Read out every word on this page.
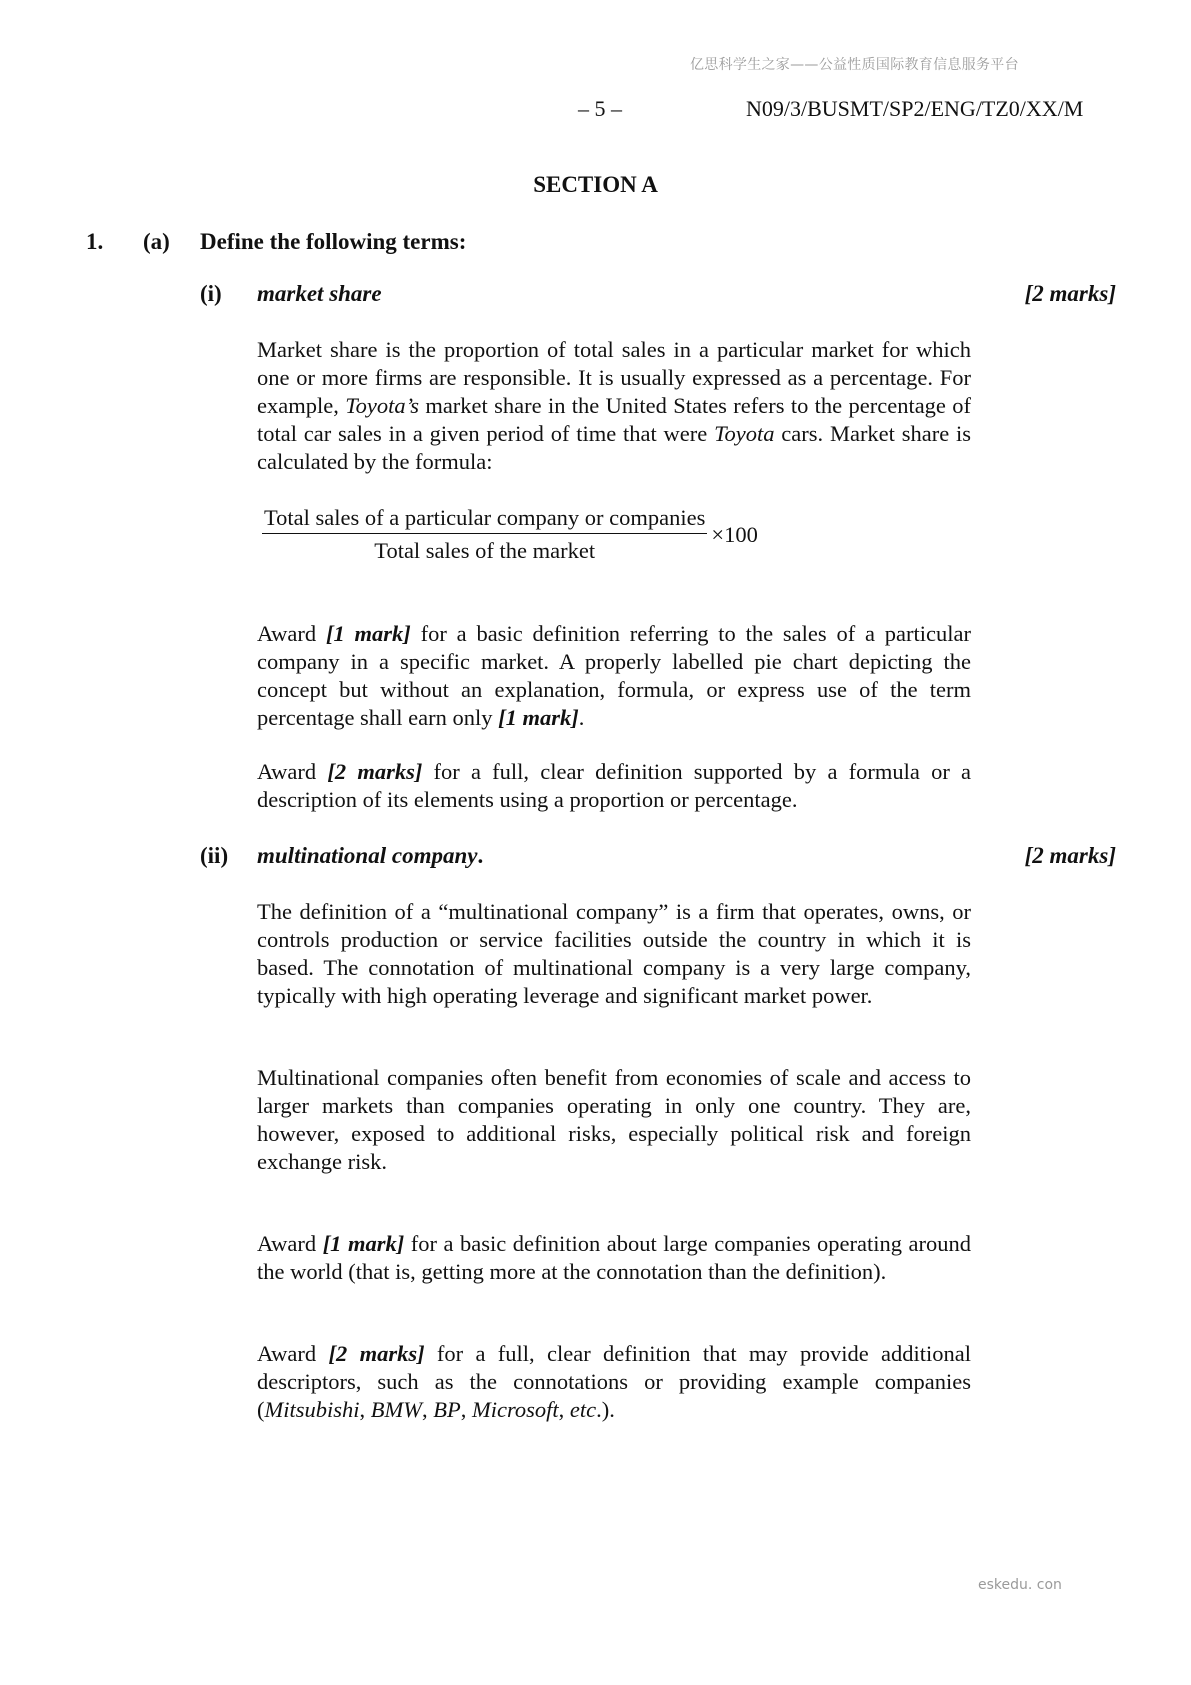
亿思科学生之家——公益性质国际教育信息服务平台
– 5 –	N09/3/BUSMT/SP2/ENG/TZ0/XX/M
SECTION A
1. (a) Define the following terms:
(i) market share	[2 marks]
Market share is the proportion of total sales in a particular market for which one or more firms are responsible. It is usually expressed as a percentage. For example, Toyota’s market share in the United States refers to the percentage of total car sales in a given period of time that were Toyota cars. Market share is calculated by the formula:
$\frac{\text{Total sales of a particular company or companies}}{\text{Total sales of the market}} \times 100$
Award [1 mark] for a basic definition referring to the sales of a particular company in a specific market. A properly labelled pie chart depicting the concept but without an explanation, formula, or express use of the term percentage shall earn only [1 mark].
Award [2 marks] for a full, clear definition supported by a formula or a description of its elements using a proportion or percentage.
(ii) multinational company.	[2 marks]
The definition of a “multinational company” is a firm that operates, owns, or controls production or service facilities outside the country in which it is based. The connotation of multinational company is a very large company, typically with high operating leverage and significant market power.
Multinational companies often benefit from economies of scale and access to larger markets than companies operating in only one country. They are, however, exposed to additional risks, especially political risk and foreign exchange risk.
Award [1 mark] for a basic definition about large companies operating around the world (that is, getting more at the connotation than the definition).
Award [2 marks] for a full, clear definition that may provide additional descriptors, such as the connotations or providing example companies (Mitsubishi, BMW, BP, Microsoft, etc.).
eskedu. con
